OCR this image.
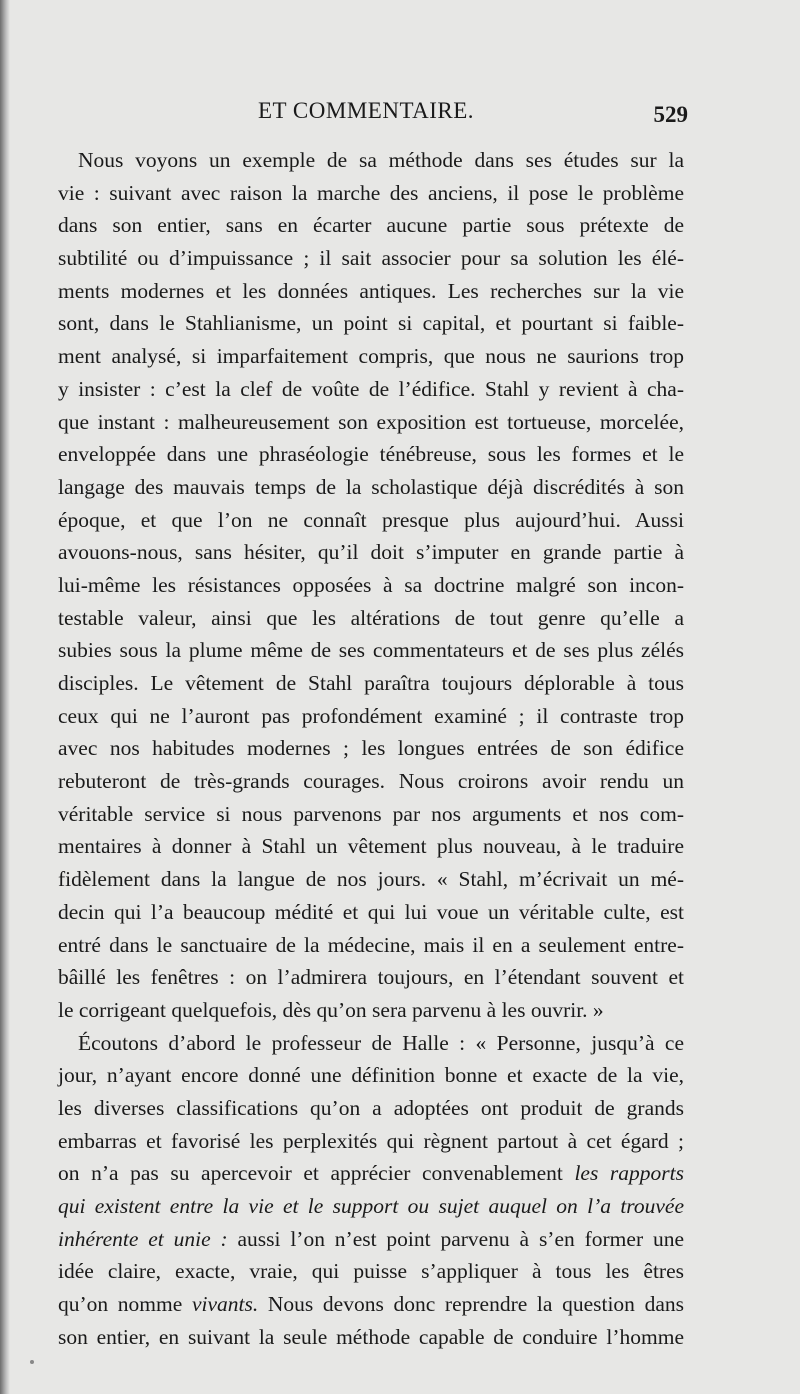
ET COMMENTAIRE.	529
Nous voyons un exemple de sa méthode dans ses études sur la
vie : suivant avec raison la marche des anciens, il pose le problème
dans son entier, sans en écarter aucune partie sous prétexte de
subtilité ou d’impuissance ; il sait associer pour sa solution les élé-
ments modernes et les données antiques. Les recherches sur la vie
sont, dans le Stahlianisme, un point si capital, et pourtant si faible-
ment analysé, si imparfaitement compris, que nous ne saurions trop
y insister : c’est la clef de voûte de l’édifice. Stahl y revient à cha-
que instant : malheureusement son exposition est tortueuse, morcelée,
enveloppée dans une phraséologie ténébreuse, sous les formes et le
langage des mauvais temps de la scholastique déjà discrédités à son
époque, et que l’on ne connaît presque plus aujourd’hui. Aussi
avouons-nous, sans hésiter, qu’il doit s’imputer en grande partie à
lui-même les résistances opposées à sa doctrine malgré son incon-
testable valeur, ainsi que les altérations de tout genre qu’elle a
subies sous la plume même de ses commentateurs et de ses plus zélés
disciples. Le vêtement de Stahl paraîtra toujours déplorable à tous
ceux qui ne l’auront pas profondément examiné ; il contraste trop
avec nos habitudes modernes ; les longues entrées de son édifice
rebuteront de très-grands courages. Nous croirons avoir rendu un
véritable service si nous parvenons par nos arguments et nos com-
mentaires à donner à Stahl un vêtement plus nouveau, à le traduire
fidèlement dans la langue de nos jours. « Stahl, m’écrivait un mé-
decin qui l’a beaucoup médité et qui lui voue un véritable culte, est
entré dans le sanctuaire de la médecine, mais il en a seulement entre-
bâillé les fenêtres : on l’admirera toujours, en l’étendant souvent et
le corrigeant quelquefois, dès qu’on sera parvenu à les ouvrir. »
Écoutons d’abord le professeur de Halle : « Personne, jusqu’à ce
jour, n’ayant encore donné une définition bonne et exacte de la vie,
les diverses classifications qu’on a adoptées ont produit de grands
embarras et favorisé les perplexités qui règnent partout à cet égard ;
on n’a pas su apercevoir et apprécier convenablement les rapports
qui existent entre la vie et le support ou sujet auquel on l’a trouvée
inhérente et unie : aussi l’on n’est point parvenu à s’en former une
idée claire, exacte, vraie, qui puisse s’appliquer à tous les êtres
qu’on nomme vivants. Nous devons donc reprendre la question dans
son entier, en suivant la seule méthode capable de conduire l’homme
